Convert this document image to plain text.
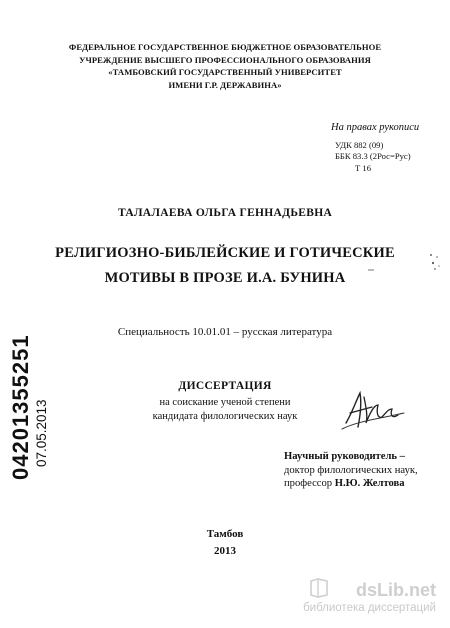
ФЕДЕРАЛЬНОЕ ГОСУДАРСТВЕННОЕ БЮДЖЕТНОЕ ОБРАЗОВАТЕЛЬНОЕ
УЧРЕЖДЕНИЕ ВЫСШЕГО ПРОФЕССИОНАЛЬНОГО ОБРАЗОВАНИЯ
«ТАМБОВСКИЙ ГОСУДАРСТВЕННЫЙ УНИВЕРСИТЕТ
ИМЕНИ Г.Р. ДЕРЖАВИНА»
На правах рукописи
УДК 882 (09)
ББК 83.3 (2Рос=Рус)
Т 16
ТАЛАЛАЕВА ОЛЬГА ГЕННАДЬЕВНА
РЕЛИГИОЗНО-БИБЛЕЙСКИЕ И ГОТИЧЕСКИЕ
МОТИВЫ В ПРОЗЕ И.А. БУНИНА
Специальность 10.01.01 – русская литература
ДИССЕРТАЦИЯ
на соискание ученой степени
кандидата филологических наук
Научный руководитель –
доктор филологических наук,
профессор Н.Ю. Желтова
Тамбов
2013
04201355251 07.05.2013
dsLib.net
библиотека диссертаций
